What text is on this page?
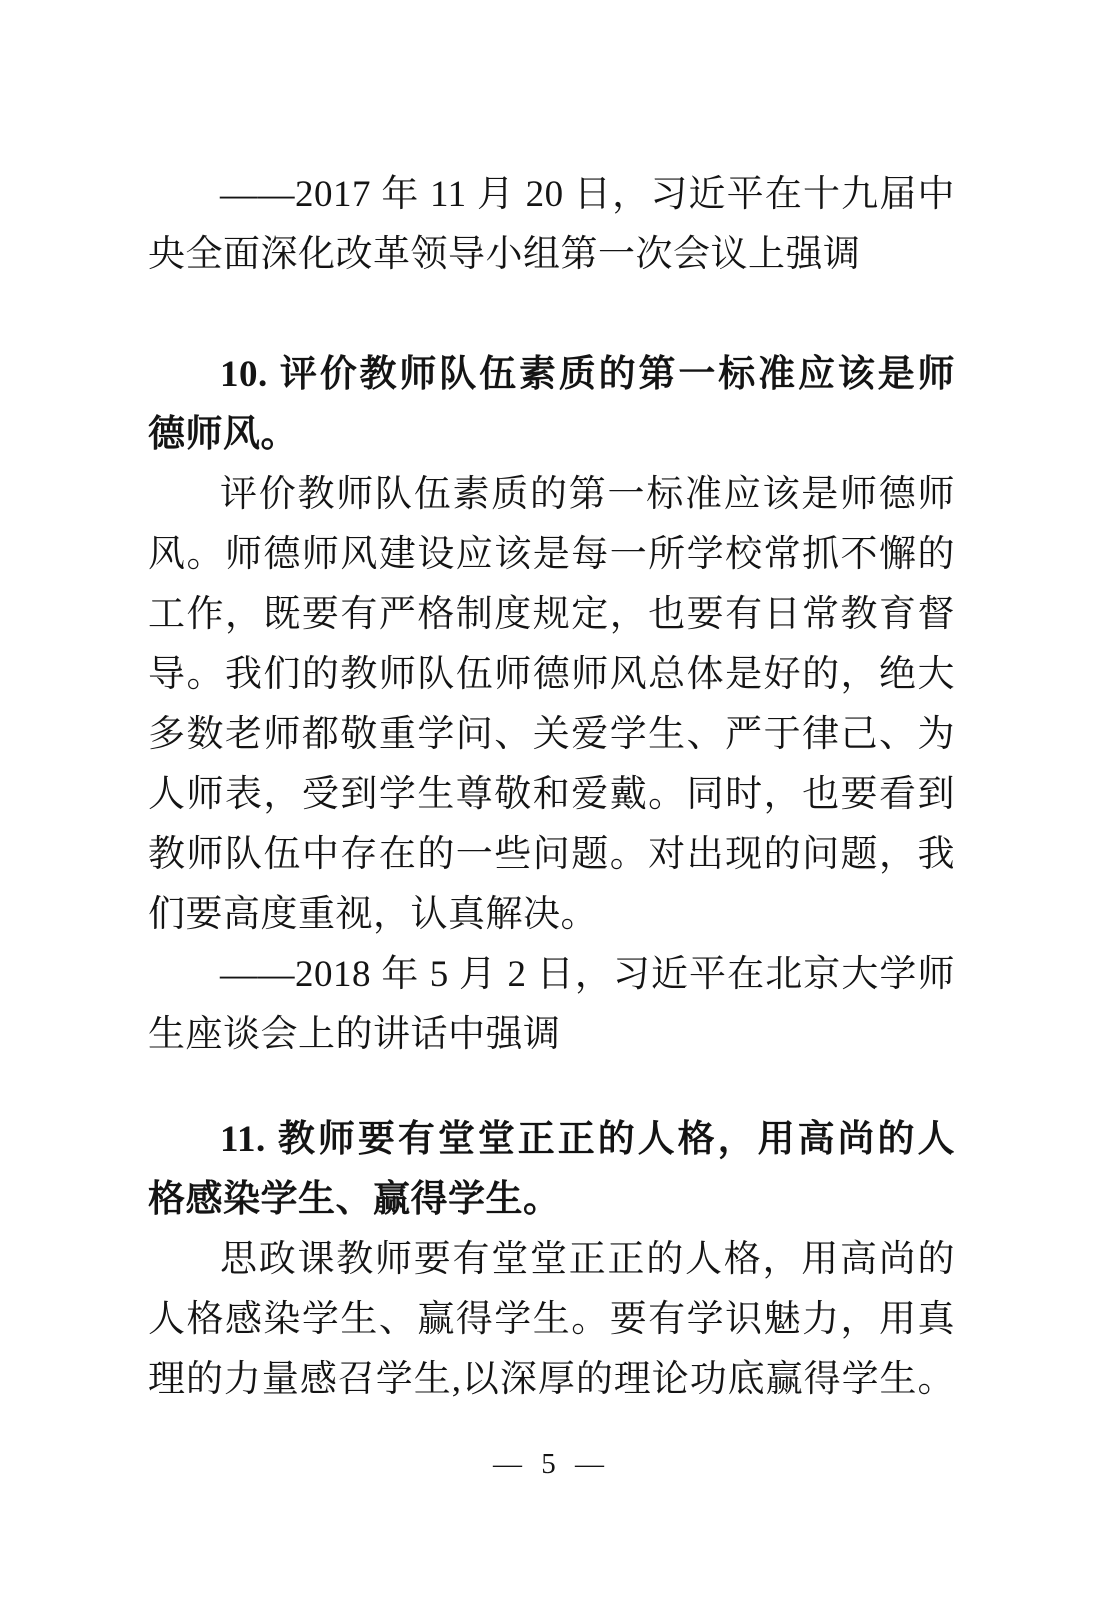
——2017 年 11 月 20 日，习近平在十九届中
央全面深化改革领导小组第一次会议上强调
10. 评价教师队伍素质的第一标准应该是师
德师风。
评价教师队伍素质的第一标准应该是师德师
风。师德师风建设应该是每一所学校常抓不懈的
工作，既要有严格制度规定，也要有日常教育督
导。我们的教师队伍师德师风总体是好的，绝大
多数老师都敬重学问、关爱学生、严于律己、为
人师表，受到学生尊敬和爱戴。同时，也要看到
教师队伍中存在的一些问题。对出现的问题，我
们要高度重视，认真解决。
——2018 年 5 月 2 日，习近平在北京大学师
生座谈会上的讲话中强调
11. 教师要有堂堂正正的人格，用高尚的人
格感染学生、赢得学生。
思政课教师要有堂堂正正的人格，用高尚的
人格感染学生、赢得学生。要有学识魅力，用真
理的力量感召学生,以深厚的理论功底赢得学生。
— 5 —
